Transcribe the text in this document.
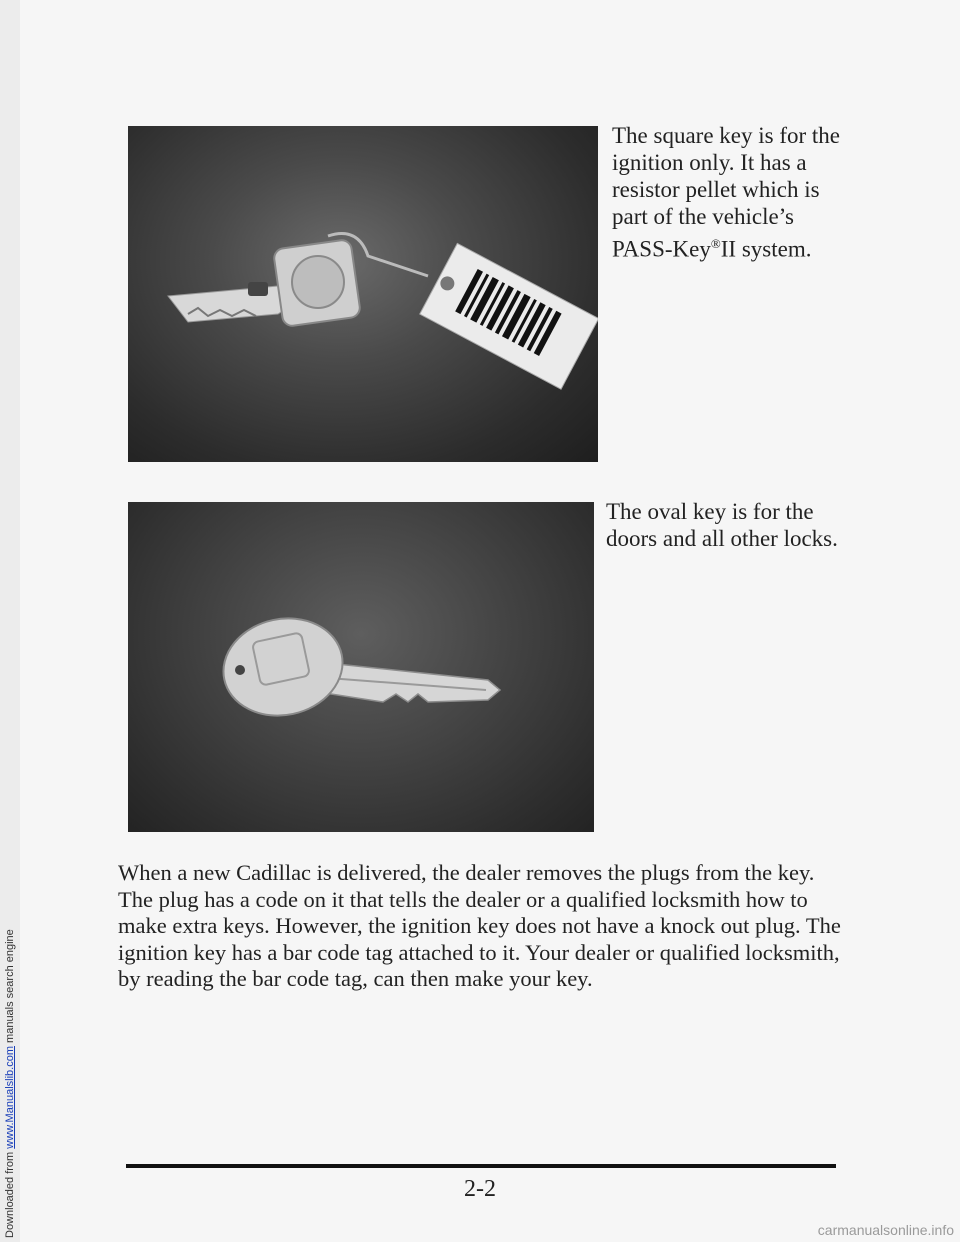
Downloaded from www.Manualslib.com manuals search engine
The square key is for the ignition only. It has a resistor pellet which is part of the vehicle’s PASS-Key®II system.
The oval key is for the doors and all other locks.

When a new Cadillac is delivered, the dealer removes the plugs from the key. The plug has a code on it that tells the dealer or a qualified locksmith how to make extra keys. However, the ignition key does not have a knock out plug. The ignition key has a bar code tag attached to it. Your dealer or qualified locksmith, by reading the bar code tag, can then make your key.

2-2
carmanualsonline.info
